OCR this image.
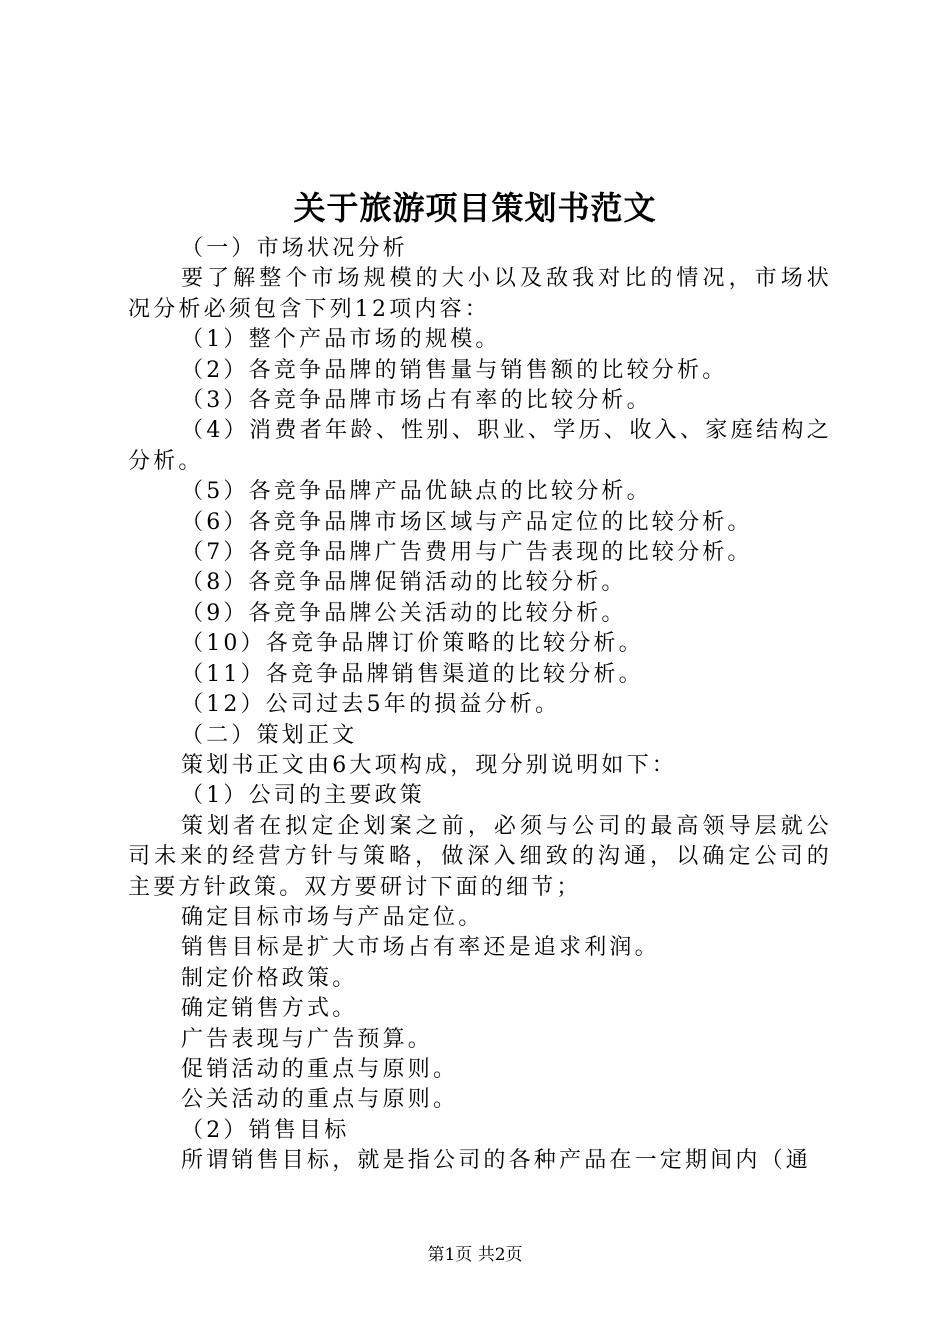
关于旅游项目策划书范文

（一）市场状况分析

要了解整个市场规模的大小以及敌我对比的情况，市场状况分析必须包含下列12项内容：

（1）整个产品市场的规模。

（2）各竞争品牌的销售量与销售额的比较分析。

（3）各竞争品牌市场占有率的比较分析。

（4）消费者年龄、性别、职业、学历、收入、家庭结构之分析。

（5）各竞争品牌产品优缺点的比较分析。

（6）各竞争品牌市场区域与产品定位的比较分析。

（7）各竞争品牌广告费用与广告表现的比较分析。

（8）各竞争品牌促销活动的比较分析。

（9）各竞争品牌公关活动的比较分析。

（10）各竞争品牌订价策略的比较分析。

（11）各竞争品牌销售渠道的比较分析。

（12）公司过去5年的损益分析。

（二）策划正文

策划书正文由6大项构成，现分别说明如下：

（1）公司的主要政策

策划者在拟定企划案之前，必须与公司的最高领导层就公司未来的经营方针与策略，做深入细致的沟通，以确定公司的主要方针政策。双方要研讨下面的细节；

确定目标市场与产品定位。

销售目标是扩大市场占有率还是追求利润。

制定价格政策。

确定销售方式。

广告表现与广告预算。

促销活动的重点与原则。

公关活动的重点与原则。

（2）销售目标

所谓销售目标，就是指公司的各种产品在一定期间内（通

第1页 共2页
